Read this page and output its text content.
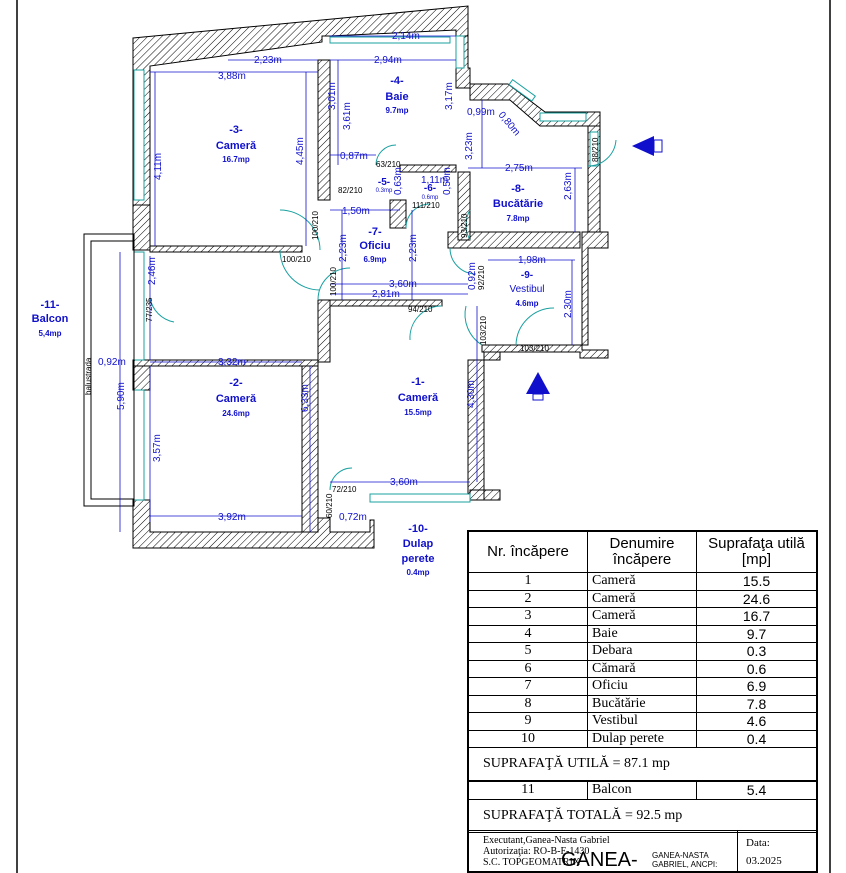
balustrada
2,23m
3,88m
2,14m
2,94m
3,01m
3,61m
3,17m
0,99m 0,80m
4,11m
4,45m	0,87m	3,23m
2,75m
2,63m
1,50m
2,23m	2,23m
1,11m
0,50m
0,63m
1,98m
0,92m
2,30m
2,46m	3,60m
2,81m
0,92m	3,32m
5,90m	6,33m	4,30m
3,57m
3,60m
3,92m	0,72m
63/210
82/210
111/210
93/210
88/210
100/210
100/210
100/210	92/210
94/210
103/210
103/210
77/235
72/210
60/210
-1-
Cameră
15.5mp
-2-
Cameră
24.6mp
-3-
Cameră
16.7mp
-4-
Baie
9.7mp
-5-
0.3mp	-6-
0.6mp
-7-
Oficiu
6.9mp
-8-
Bucătărie
7.8mp
-9-
Vestibul
4.6mp
-10-
Dulap
perete
0.4mp
-11-
Balcon
5,4mp
Nr. încăpere	Denumire încăpere	Suprafaţa utilă [mp]
1	Cameră	15.5
2	Cameră	24.6
3	Cameră	16.7
4	Baie	9.7
5	Debara	0.3
6	Cămară	0.6
7	Oficiu	6.9
8	Bucătărie	7.8
9	Vestibul	4.6
10	Dulap perete	0.4
SUPRAFAŢĂ UTILĂ = 87.1 mp
11	Balcon	5.4
SUPRAFAŢĂ TOTALĂ = 92.5 mp
Executant,Ganea-Nasta Gabriel
Autorizaţia: RO-B-F-1430
S.C. TOPGEOMATRIX
GANEA- GANEA-NASTA
GABRIEL, ANCPI:
Data:
03.2025
